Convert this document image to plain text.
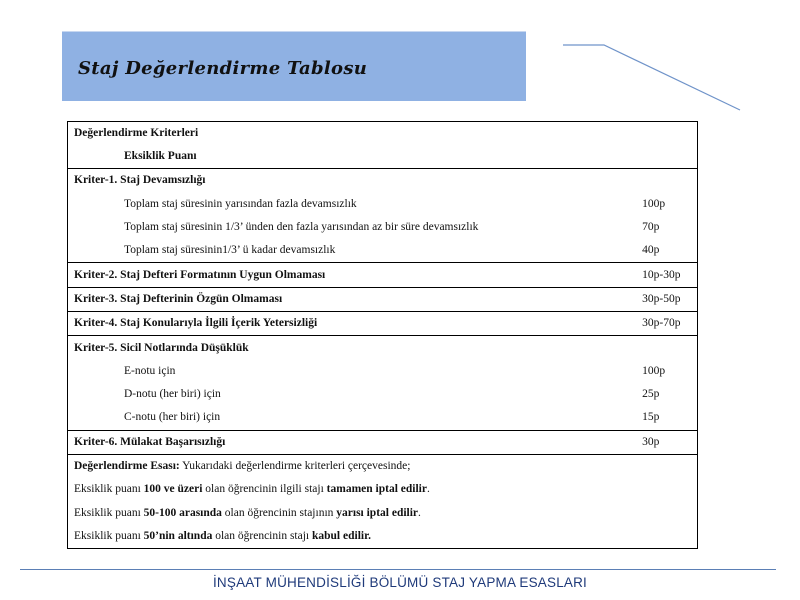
Staj Değerlendirme Tablosu
Değerlendirme Kriterleri	
Eksiklik Puanı	
Kriter-1. Staj Devamsızlığı	
Toplam staj süresinin yarısından fazla devamsızlık	100p
Toplam staj süresinin 1/3’ ünden den fazla yarısından az bir süre devamsızlık	70p
Toplam staj süresinin1/3’ ü kadar devamsızlık	40p
Kriter-2. Staj Defteri Formatının Uygun Olmaması	10p-30p
Kriter-3. Staj Defterinin Özgün Olmaması	30p-50p
Kriter-4. Staj Konularıyla İlgili İçerik Yetersizliği	30p-70p
Kriter-5. Sicil Notlarında Düşüklük	
E-notu için	100p
D-notu (her biri) için	25p
C-notu (her biri) için	15p
Kriter-6. Mülakat Başarısızlığı	30p
Değerlendirme Esası: Yukarıdaki değerlendirme kriterleri çerçevesinde;	
Eksiklik puanı 100 ve üzeri olan öğrencinin ilgili stajı tamamen iptal edilir.	
Eksiklik puanı 50-100 arasında olan öğrencinin stajının yarısı iptal edilir.	
Eksiklik puanı 50’nin altında olan öğrencinin stajı kabul edilir.	
İNŞAAT MÜHENDİSLİĞİ BÖLÜMÜ STAJ YAPMA ESASLARI
